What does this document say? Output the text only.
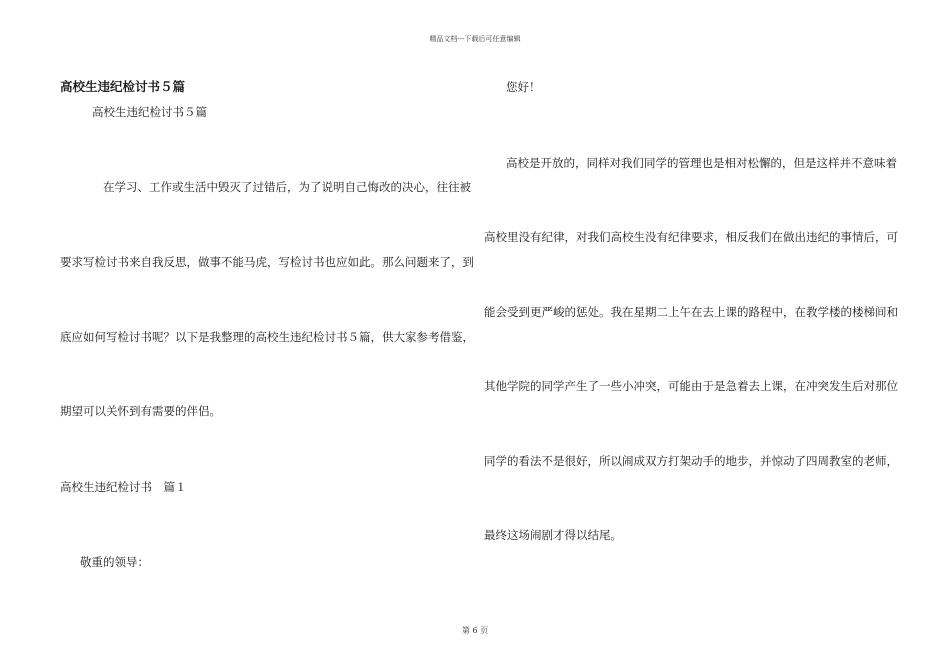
精品文档---下载后可任意编辑
高校生违纪检讨书５篇
高校生违纪检讨书５篇
在学习、工作或生活中毁灭了过错后，为了说明自己悔改的决心，往往被
要求写检讨书来自我反思，做事不能马虎，写检讨书也应如此。那么问题来了，到
底应如何写检讨书呢？以下是我整理的高校生违纪检讨书５篇，供大家参考借鉴，
期望可以关怀到有需要的伴侣。
高校生违纪检讨书　篇１
敬重的领导：
您好！
高校是开放的，同样对我们同学的管理也是相对松懈的，但是这样并不意味着
高校里没有纪律，对我们高校生没有纪律要求，相反我们在做出违纪的事情后，可
能会受到更严峻的惩处。我在星期二上午在去上课的路程中，在教学楼的楼梯间和
其他学院的同学产生了一些小冲突，可能由于是急着去上课，在冲突发生后对那位
同学的看法不是很好，所以闹成双方打架动手的地步，并惊动了四周教室的老师，
最终这场闹剧才得以结尾。
第 6 页
